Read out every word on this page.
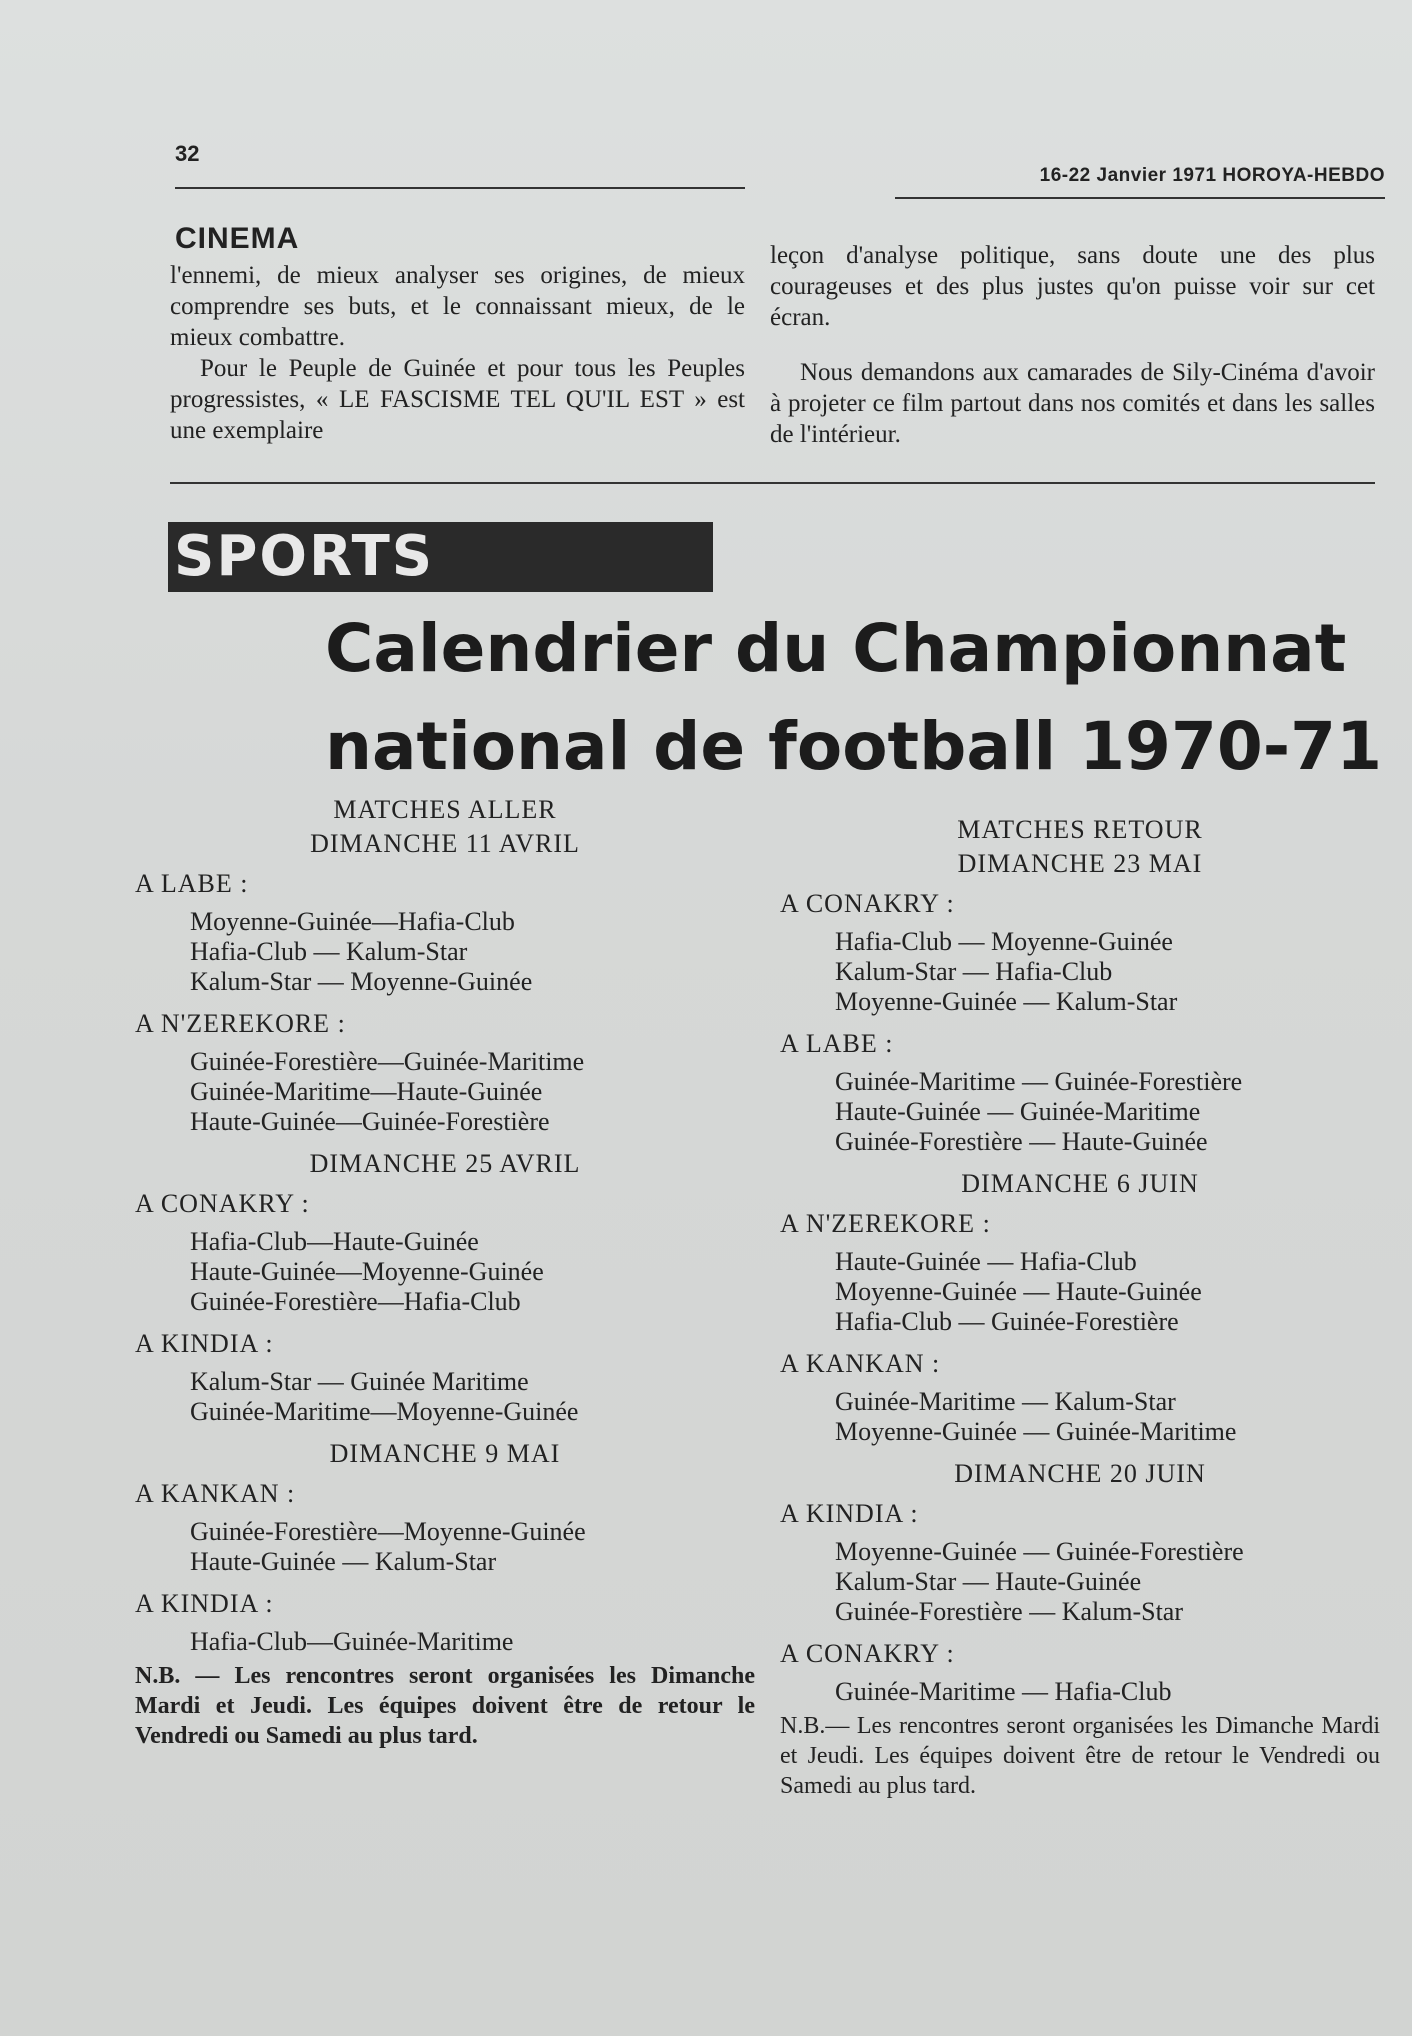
32
16-22 Janvier 1971 HOROYA-HEBDO
CINEMA
l'ennemi, de mieux analyser ses origines, de mieux comprendre ses buts, et le connaissant mieux, de le mieux combattre.
Pour le Peuple de Guinée et pour tous les Peuples progressistes, « LE FASCISME TEL QU'IL EST » est une exemplaire
leçon d'analyse politique, sans doute une des plus courageuses et des plus justes qu'on puisse voir sur cet écran.
Nous demandons aux camarades de Sily-Cinéma d'avoir à projeter ce film partout dans nos comités et dans les salles de l'intérieur.
SPORTS
Calendrier du Championnat
national de football 1970-71
MATCHES ALLER
DIMANCHE 11 AVRIL
A LABE :
Moyenne-Guinée—Hafia-Club
Hafia-Club — Kalum-Star
Kalum-Star — Moyenne-Guinée
A N'ZEREKORE :
Guinée-Forestière—Guinée-Maritime
Guinée-Maritime—Haute-Guinée
Haute-Guinée—Guinée-Forestière
DIMANCHE 25 AVRIL
A CONAKRY :
Hafia-Club—Haute-Guinée
Haute-Guinée—Moyenne-Guinée
Guinée-Forestière—Hafia-Club
A KINDIA :
Kalum-Star — Guinée Maritime
Guinée-Maritime—Moyenne-Guinée
DIMANCHE 9 MAI
A KANKAN :
Guinée-Forestière—Moyenne-Guinée
Haute-Guinée — Kalum-Star
A KINDIA :
Hafia-Club—Guinée-Maritime
N.B. — Les rencontres seront organisées les Dimanche Mardi et Jeudi. Les équipes doivent être de retour le Vendredi ou Samedi au plus tard.
MATCHES RETOUR
DIMANCHE 23 MAI
A CONAKRY :
Hafia-Club — Moyenne-Guinée
Kalum-Star — Hafia-Club
Moyenne-Guinée — Kalum-Star
A LABE :
Guinée-Maritime — Guinée-Forestière
Haute-Guinée — Guinée-Maritime
Guinée-Forestière — Haute-Guinée
DIMANCHE 6 JUIN
A N'ZEREKORE :
Haute-Guinée — Hafia-Club
Moyenne-Guinée — Haute-Guinée
Hafia-Club — Guinée-Forestière
A KANKAN :
Guinée-Maritime — Kalum-Star
Moyenne-Guinée — Guinée-Maritime
DIMANCHE 20 JUIN
A KINDIA :
Moyenne-Guinée — Guinée-Forestière
Kalum-Star — Haute-Guinée
Guinée-Forestière — Kalum-Star
A CONAKRY :
Guinée-Maritime — Hafia-Club
N.B.— Les rencontres seront organisées les Dimanche Mardi et Jeudi. Les équipes doivent être de retour le Vendredi ou Samedi au plus tard.
